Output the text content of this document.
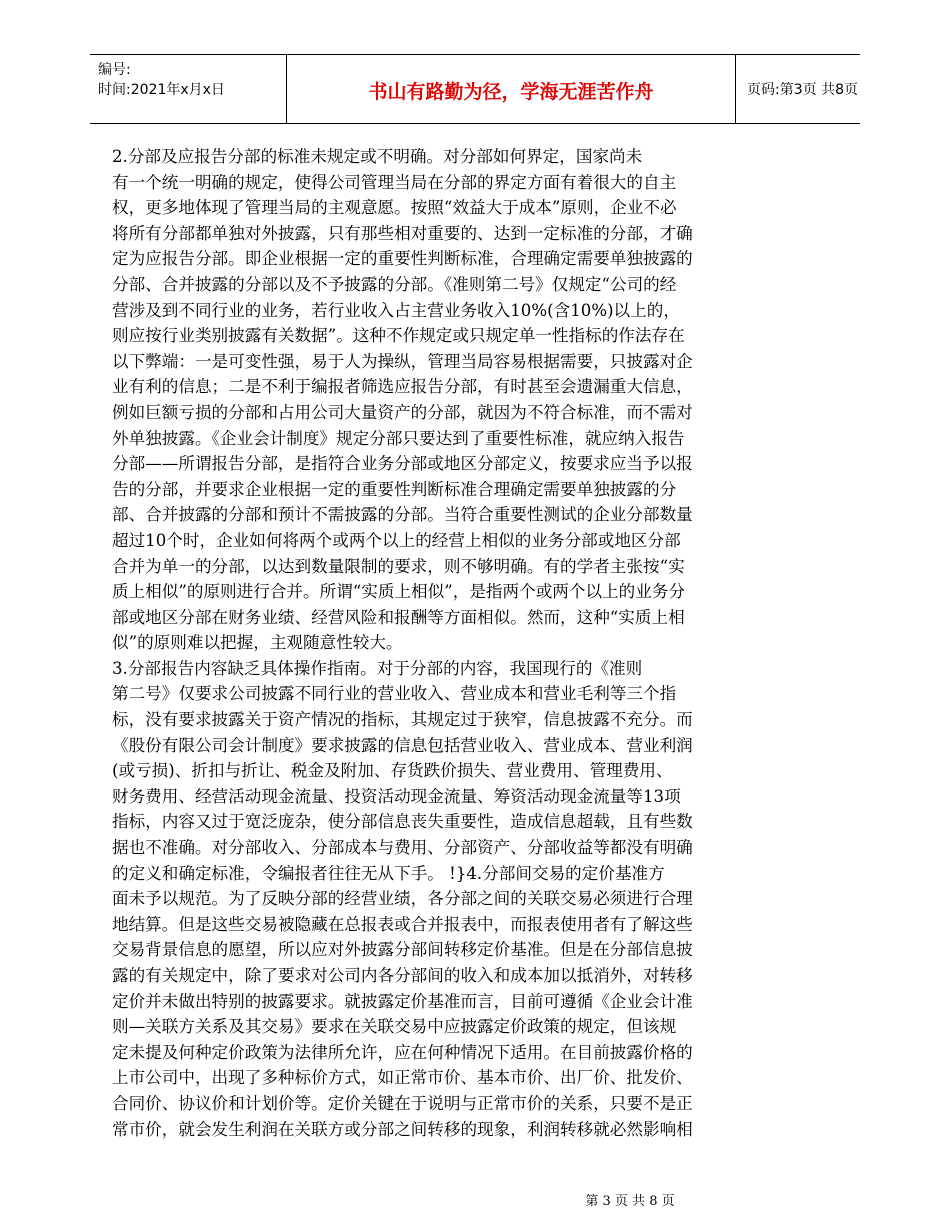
编号:
时间:2021年x月x日	书山有路勤为径，学海无涯苦作舟	页码:第3页 共8页
2.分部及应报告分部的标准未规定或不明确。对分部如何界定，国家尚未
有一个统一明确的规定，使得公司管理当局在分部的界定方面有着很大的自主
权，更多地体现了管理当局的主观意愿。按照“效益大于成本”原则，企业不必
将所有分部都单独对外披露，只有那些相对重要的、达到一定标准的分部，才确
定为应报告分部。即企业根据一定的重要性判断标准，合理确定需要单独披露的
分部、合并披露的分部以及不予披露的分部。《准则第二号》仅规定“公司的经
营涉及到不同行业的业务，若行业收入占主营业务收入10%(含10%)以上的，
则应按行业类别披露有关数据”。这种不作规定或只规定单一性指标的作法存在
以下弊端：一是可变性强，易于人为操纵，管理当局容易根据需要，只披露对企
业有利的信息；二是不利于编报者筛选应报告分部，有时甚至会遗漏重大信息，
例如巨额亏损的分部和占用公司大量资产的分部，就因为不符合标准，而不需对
外单独披露。《企业会计制度》规定分部只要达到了重要性标准，就应纳入报告
分部——所谓报告分部，是指符合业务分部或地区分部定义，按要求应当予以报
告的分部，并要求企业根据一定的重要性判断标准合理确定需要单独披露的分
部、合并披露的分部和预计不需披露的分部。当符合重要性测试的企业分部数量
超过10个时，企业如何将两个或两个以上的经营上相似的业务分部或地区分部
合并为单一的分部，以达到数量限制的要求，则不够明确。有的学者主张按“实
质上相似”的原则进行合并。所谓“实质上相似”，是指两个或两个以上的业务分
部或地区分部在财务业绩、经营风险和报酬等方面相似。然而，这种“实质上相
似”的原则难以把握，主观随意性较大。
3.分部报告内容缺乏具体操作指南。对于分部的内容，我国现行的《准则
第二号》仅要求公司披露不同行业的营业收入、营业成本和营业毛利等三个指
标，没有要求披露关于资产情况的指标，其规定过于狭窄，信息披露不充分。而
《股份有限公司会计制度》要求披露的信息包括营业收入、营业成本、营业利润
(或亏损)、折扣与折让、税金及附加、存货跌价损失、营业费用、管理费用、
财务费用、经营活动现金流量、投资活动现金流量、筹资活动现金流量等13项
指标，内容又过于宽泛庞杂，使分部信息丧失重要性，造成信息超载，且有些数
据也不准确。对分部收入、分部成本与费用、分部资产、分部收益等都没有明确
的定义和确定标准，令编报者往往无从下手。 !}4.分部间交易的定价基准方
面未予以规范。为了反映分部的经营业绩，各分部之间的关联交易必须进行合理
地结算。但是这些交易被隐藏在总报表或合并报表中，而报表使用者有了解这些
交易背景信息的愿望，所以应对外披露分部间转移定价基准。但是在分部信息披
露的有关规定中，除了要求对公司内各分部间的收入和成本加以抵消外，对转移
定价并未做出特别的披露要求。就披露定价基准而言，目前可遵循《企业会计准
则—关联方关系及其交易》要求在关联交易中应披露定价政策的规定，但该规
定未提及何种定价政策为法律所允许，应在何种情况下适用。在目前披露价格的
上市公司中，出现了多种标价方式，如正常市价、基本市价、出厂价、批发价、
合同价、协议价和计划价等。定价关键在于说明与正常市价的关系，只要不是正
常市价，就会发生利润在关联方或分部之间转移的现象，利润转移就必然影响相
第 3 页 共 8 页
